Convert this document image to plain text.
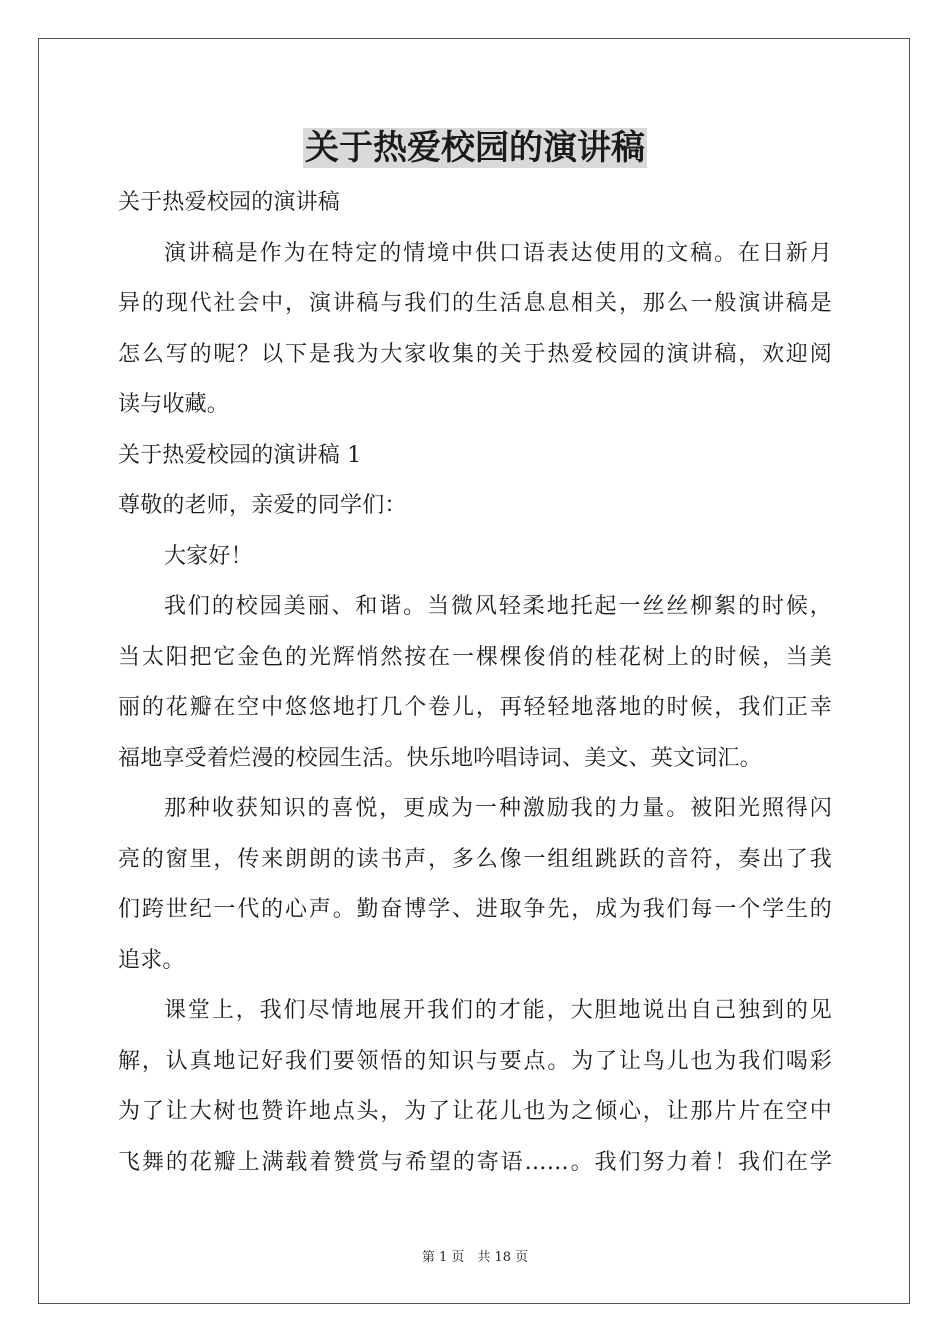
关于热爱校园的演讲稿

关于热爱校园的演讲稿

演讲稿是作为在特定的情境中供口语表达使用的文稿。在日新月

异的现代社会中，演讲稿与我们的生活息息相关，那么一般演讲稿是

怎么写的呢？以下是我为大家收集的关于热爱校园的演讲稿，欢迎阅

读与收藏。

关于热爱校园的演讲稿 1

尊敬的老师，亲爱的同学们：

大家好！

我们的校园美丽、和谐。当微风轻柔地托起一丝丝柳絮的时候，

当太阳把它金色的光辉悄然按在一棵棵俊俏的桂花树上的时候，当美

丽的花瓣在空中悠悠地打几个卷儿，再轻轻地落地的时候，我们正幸

福地享受着烂漫的校园生活。快乐地吟唱诗词、美文、英文词汇。

那种收获知识的喜悦，更成为一种激励我的力量。被阳光照得闪

亮的窗里，传来朗朗的读书声，多么像一组组跳跃的音符，奏出了我

们跨世纪一代的心声。勤奋博学、进取争先，成为我们每一个学生的

追求。

课堂上，我们尽情地展开我们的才能，大胆地说出自己独到的见

解，认真地记好我们要领悟的知识与要点。为了让鸟儿也为我们喝彩

为了让大树也赞许地点头，为了让花儿也为之倾心，让那片片在空中

飞舞的花瓣上满载着赞赏与希望的寄语……。我们努力着！我们在学

第 1 页　共 18 页
